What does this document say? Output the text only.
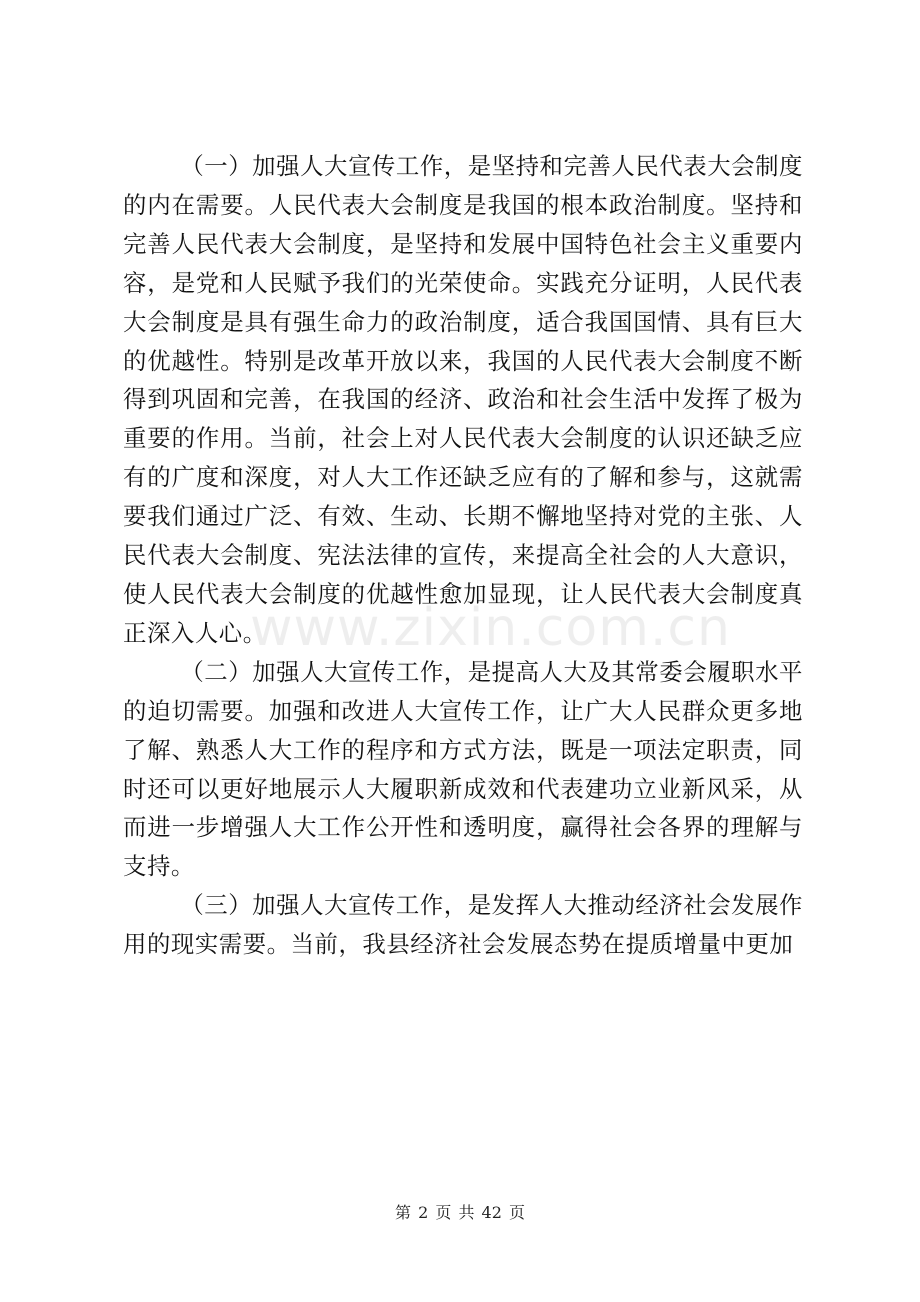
（一）加强人大宣传工作，是坚持和完善人民代表大会制度的内在需要。人民代表大会制度是我国的根本政治制度。坚持和完善人民代表大会制度，是坚持和发展中国特色社会主义重要内容，是党和人民赋予我们的光荣使命。实践充分证明，人民代表大会制度是具有强生命力的政治制度，适合我国国情、具有巨大的优越性。特别是改革开放以来，我国的人民代表大会制度不断得到巩固和完善，在我国的经济、政治和社会生活中发挥了极为重要的作用。当前，社会上对人民代表大会制度的认识还缺乏应有的广度和深度，对人大工作还缺乏应有的了解和参与，这就需要我们通过广泛、有效、生动、长期不懈地坚持对党的主张、人民代表大会制度、宪法法律的宣传，来提高全社会的人大意识，使人民代表大会制度的优越性愈加显现，让人民代表大会制度真正深入人心。

（二）加强人大宣传工作，是提高人大及其常委会履职水平的迫切需要。加强和改进人大宣传工作，让广大人民群众更多地了解、熟悉人大工作的程序和方式方法，既是一项法定职责，同时还可以更好地展示人大履职新成效和代表建功立业新风采，从而进一步增强人大工作公开性和透明度，赢得社会各界的理解与支持。

（三）加强人大宣传工作，是发挥人大推动经济社会发展作用的现实需要。当前，我县经济社会发展态势在提质增量中更加

www.zixin.com.cn
第 2 页 共 42 页
